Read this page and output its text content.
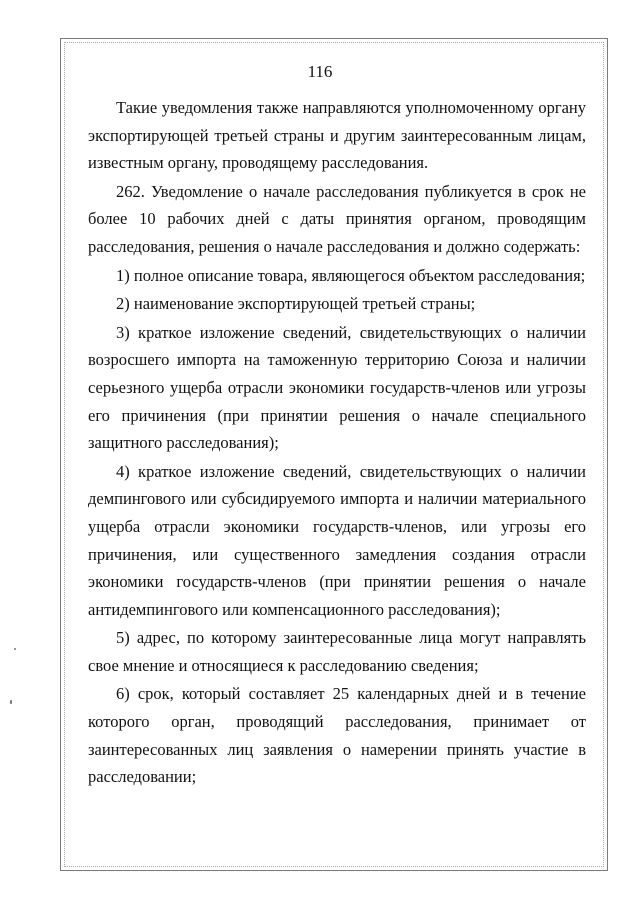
116

Такие уведомления также направляются уполномоченному органу экспортирующей третьей страны и другим заинтересованным лицам, известным органу, проводящему расследования.

262. Уведомление о начале расследования публикуется в срок не более 10 рабочих дней с даты принятия органом, проводящим расследования, решения о начале расследования и должно содержать:

1) полное описание товара, являющегося объектом расследования;

2) наименование экспортирующей третьей страны;

3) краткое изложение сведений, свидетельствующих о наличии возросшего импорта на таможенную территорию Союза и наличии серьезного ущерба отрасли экономики государств-членов или угрозы его причинения (при принятии решения о начале специального защитного расследования);

4) краткое изложение сведений, свидетельствующих о наличии демпингового или субсидируемого импорта и наличии материального ущерба отрасли экономики государств-членов, или угрозы его причинения, или существенного замедления создания отрасли экономики государств-членов (при принятии решения о начале антидемпингового или компенсационного расследования);

5) адрес, по которому заинтересованные лица могут направлять свое мнение и относящиеся к расследованию сведения;

6) срок, который составляет 25 календарных дней и в течение которого орган, проводящий расследования, принимает от заинтересованных лиц заявления о намерении принять участие в расследовании;
